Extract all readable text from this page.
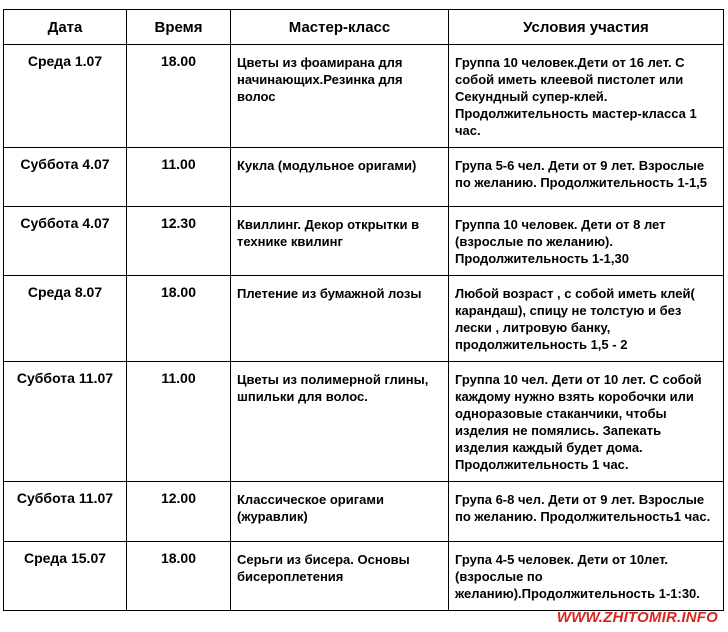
Дата	Время	Мастер-класс	Условия участия
Среда 1.07	18.00	Цветы из фоамирана для начинающих.Резинка для волос	Группа 10 человек.Дети от 16 лет. С собой иметь клеевой пистолет или Секундный супер-клей. Продолжительность мастер-класса 1 час.
Суббота 4.07	11.00	Кукла (модульное оригами)	Група 5-6 чел. Дети от 9 лет. Взрослые по желанию. Продолжительность 1-1,5
Суббота 4.07	12.30	Квиллинг. Декор открытки в технике квилинг	Группа 10 человек. Дети от 8 лет (взрослые по желанию). Продолжительность 1-1,30
Среда 8.07	18.00	Плетение из бумажной лозы	Любой возраст , с собой иметь клей( карандаш), спицу не толстую и без лески , литровую банку, продолжительность 1,5 - 2
Суббота 11.07	11.00	Цветы из полимерной глины, шпильки для волос.	Группа 10 чел. Дети от 10 лет. С собой каждому нужно взять коробочки или одноразовые стаканчики, чтобы изделия не помялись. Запекать изделия каждый будет дома. Продолжительность 1 час.
Суббота 11.07	12.00	Классическое оригами (журавлик)	Група 6-8 чел. Дети от 9 лет. Взрослые по желанию. Продолжительность1 час.
Среда 15.07	18.00	Серьги из бисера. Основы бисероплетения	Група 4-5 человек. Дети от 10лет.(взрослые по желанию).Продолжительность 1-1:30.
WWW.ZHITOMIR.INFO
